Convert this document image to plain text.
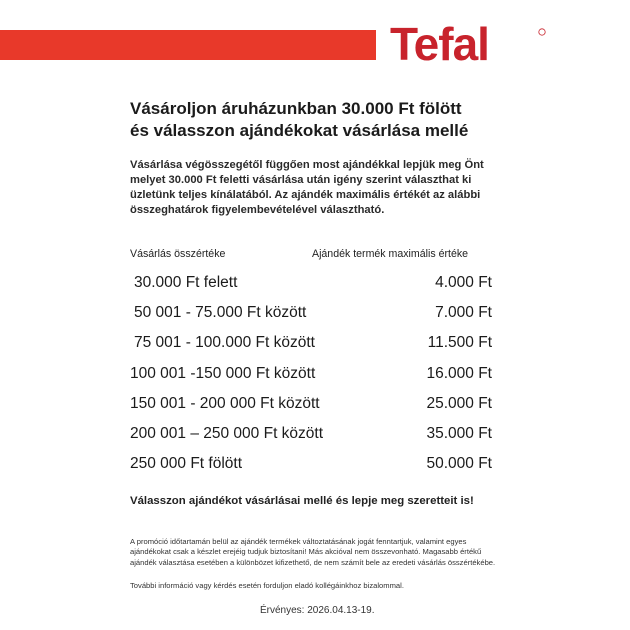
Tefal
Vásároljon áruházunkban 30.000 Ft fölött
és válasszon ajándékokat vásárlása mellé
Vásárlása végösszegétől függően most ajándékkal lepjük meg Önt melyet 30.000 Ft feletti vásárlása után igény szerint választhat ki üzletünk teljes kínálatából. Az ajándék maximális értékét az alábbi összeghatárok figyelembevételével választható.
Vásárlás összértéke	Ajándék termék maximális értéke
30.000 Ft felett	4.000 Ft
50 001 - 75.000 Ft között	7.000 Ft
75 001 - 100.000 Ft között	11.500 Ft
100 001 -150 000 Ft között	16.000 Ft
150 001 - 200 000 Ft között	25.000 Ft
200 001 – 250 000 Ft között	35.000 Ft
250 000 Ft fölött	50.000 Ft
Válasszon ajándékot vásárlásai mellé és lepje meg szeretteit is!
A promóció időtartamán belül az ajándék termékek változtatásának jogát fenntartjuk, valamint egyes ajándékokat csak a készlet erejéig tudjuk biztosítani! Más akcióval nem összevonható. Magasabb értékű ajándék választása esetében a különbözet kifizethető, de nem számít bele az eredeti vásárlás összértékébe.
További információ vagy kérdés esetén forduljon eladó kollégáinkhoz bizalommal.
Érvényes: 2026.04.13-19.
